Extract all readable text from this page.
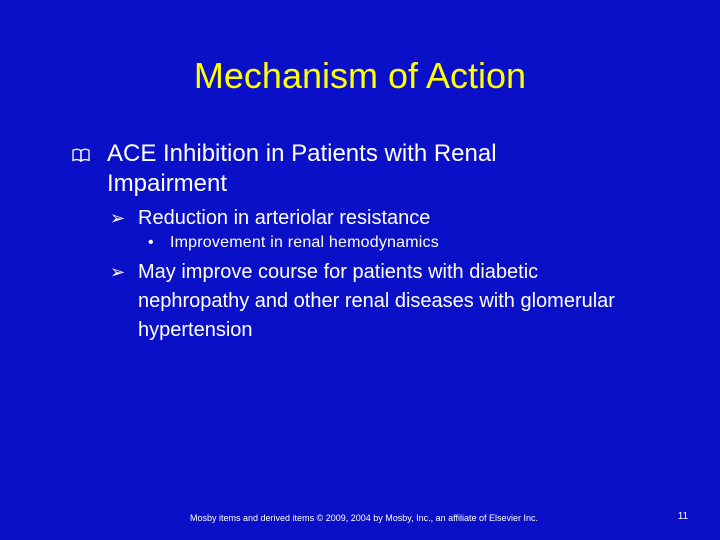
Mechanism of Action
ACE Inhibition in Patients with Renal Impairment
➢ Reduction in arteriolar resistance
•	Improvement in renal hemodynamics
➢ May improve course for patients with diabetic nephropathy and other renal diseases with glomerular hypertension
Mosby items and derived items © 2009, 2004 by Mosby, Inc., an affiliate of Elsevier Inc.	11
